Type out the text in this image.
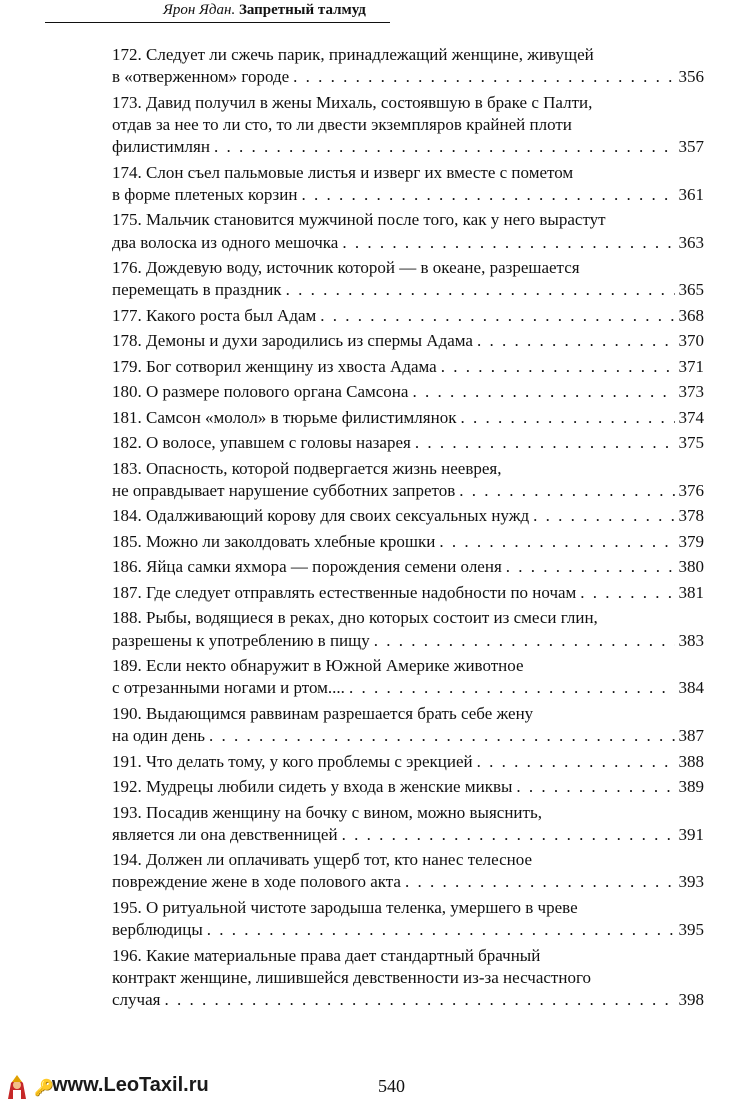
Ярон Ядан. Запретный талмуд
172. Следует ли сжечь парик, принадлежащий женщине, живущей
в «отверженном» городе . . .	356
173. Давид получил в жены Михаль, состоявшую в браке с Палти,
отдав за нее то ли сто, то ли двести экземпляров крайней плоти
филистимлян . . .	357
174. Слон съел пальмовые листья и изверг их вместе с пометом
в форме плетеных корзин . . .	361
175. Мальчик становится мужчиной после того, как у него вырастут
два волоска из одного мешочка . . .	363
176. Дождевую воду, источник которой — в океане, разрешается
перемещать в праздник . . .	365
177. Какого роста был Адам . . .	368
178. Демоны и духи зародились из спермы Адама . . .	370
179. Бог сотворил женщину из хвоста Адама . . .	371
180. О размере полового органа Самсона . . .	373
181. Самсон «молол» в тюрьме филистимлянок . . .	374
182. О волосе, упавшем с головы назарея . . .	375
183. Опасность, которой подвергается жизнь нееврея,
не оправдывает нарушение субботних запретов . . .	376
184. Одалживающий корову для своих сексуальных нужд . . .	378
185. Можно ли заколдовать хлебные крошки . . .	379
186. Яйца самки яхмора — порождения семени оленя . . .	380
187. Где следует отправлять естественные надобности по ночам . . .	381
188. Рыбы, водящиеся в реках, дно которых состоит из смеси глин,
разрешены к употреблению в пищу . . .	383
189. Если некто обнаружит в Южной Америке животное
с отрезанными ногами и ртом.... . . .	384
190. Выдающимся раввинам разрешается брать себе жену
на один день . . .	387
191. Что делать тому, у кого проблемы с эрекцией . . .	388
192. Мудрецы любили сидеть у входа в женские миквы . . .	389
193. Посадив женщину на бочку с вином, можно выяснить,
является ли она девственницей . . .	391
194. Должен ли оплачивать ущерб тот, кто нанес телесное
повреждение жене в ходе полового акта . . .	393
195. О ритуальной чистоте зародыша теленка, умершего в чреве
верблюдицы . . .	395
196. Какие материальные права дает стандартный брачный
контракт женщине, лишившейся девственности из-за несчастного
случая . . .	398
🔑
www.LeoTaxil.ru	540
